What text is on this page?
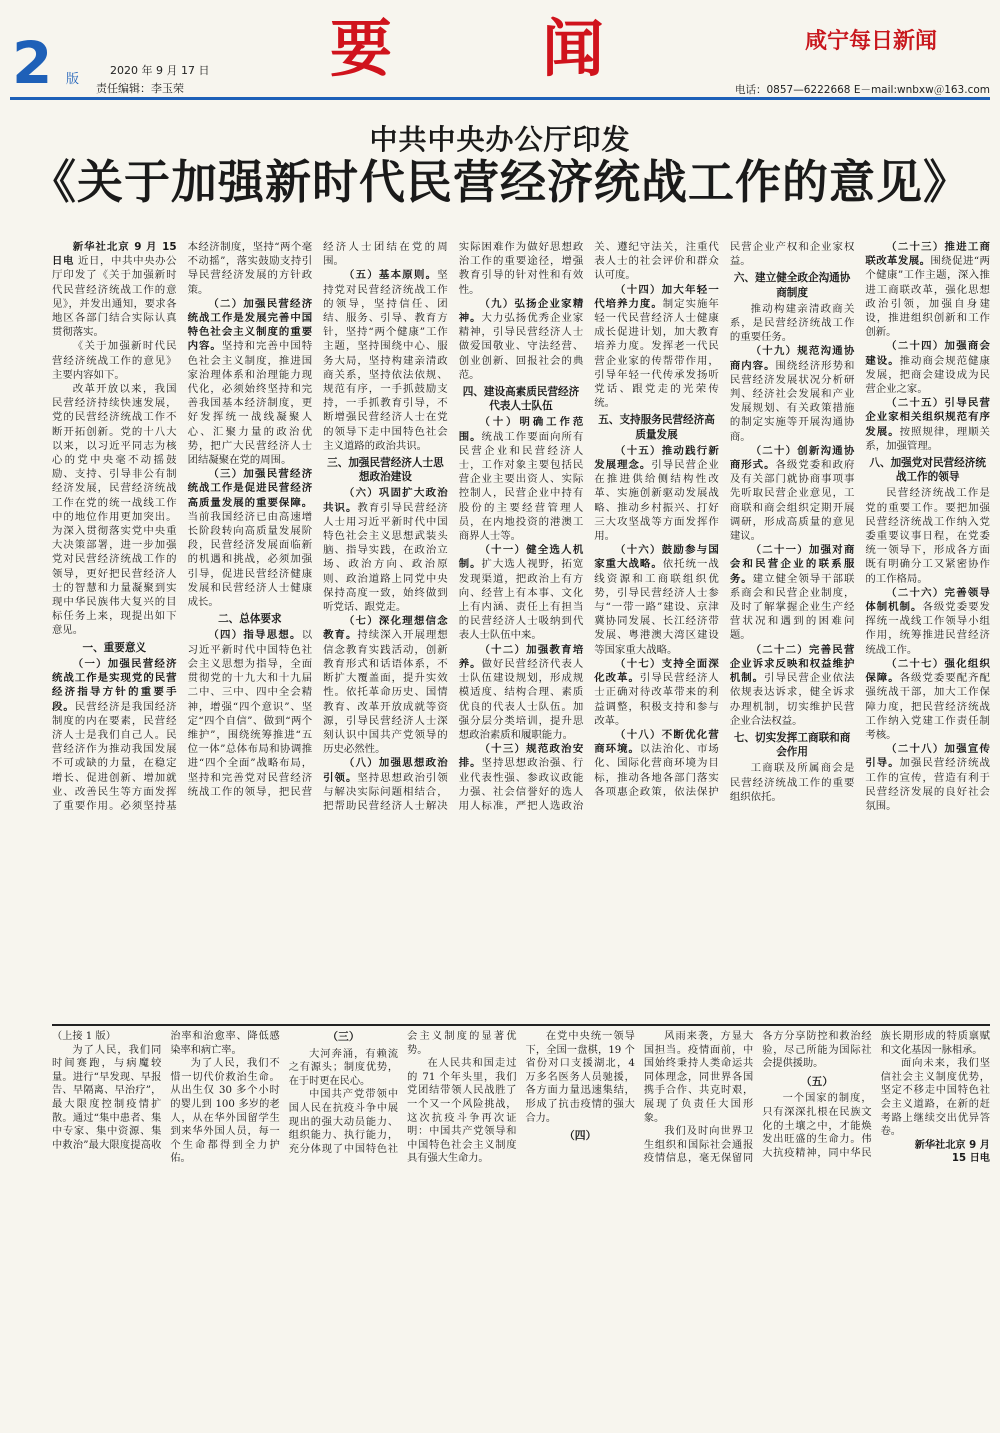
2 版
2020 年 9 月 17 日
责任编辑：李玉荣
要闻 咸宁每日新闻
电话：0857—6222668 E－mail:wnbxw＠163.com
中共中央办公厅印发
《关于加强新时代民营经济统战工作的意见》

新华社北京 9 月 15 日电 近日，中共中央办公厅印发了《关于加强新时代民营经济统战工作的意见》，并发出通知，要求各地区各部门结合实际认真贯彻落实。

《关于加强新时代民营经济统战工作的意见》主要内容如下。

改革开放以来，我国民营经济持续快速发展，党的民营经济统战工作不断开拓创新。党的十八大以来，以习近平同志为核心的党中央毫不动摇鼓励、支持、引导非公有制经济发展，民营经济统战工作在党的统一战线工作中的地位作用更加突出。为深入贯彻落实党中央重大决策部署，进一步加强党对民营经济统战工作的领导，更好把民营经济人士的智慧和力量凝聚到实现中华民族伟大复兴的目标任务上来，现提出如下意见。

一、重要意义

（一）加强民营经济统战工作是实现党的民营经济指导方针的重要手段。民营经济是我国经济制度的内在要素，民营经济人士是我们自己人。民营经济作为推动我国发展不可或缺的力量，在稳定增长、促进创新、增加就业、改善民生等方面发挥了重要作用。必须坚持基本经济制度，坚持“两个毫不动摇”，落实鼓励支持引导民营经济发展的方针政策。

（二）加强民营经济统战工作是发展完善中国特色社会主义制度的重要内容。坚持和完善中国特色社会主义制度，推进国家治理体系和治理能力现代化，必须始终坚持和完善我国基本经济制度，更好发挥统一战线凝聚人心、汇聚力量的政治优势，把广大民营经济人士团结凝聚在党的周围。

（三）加强民营经济统战工作是促进民营经济高质量发展的重要保障。当前我国经济已由高速增长阶段转向高质量发展阶段，民营经济发展面临新的机遇和挑战，必须加强引导，促进民营经济健康发展和民营经济人士健康成长。

二、总体要求

（四）指导思想。以习近平新时代中国特色社会主义思想为指导，全面贯彻党的十九大和十九届二中、三中、四中全会精神，增强“四个意识”、坚定“四个自信”、做到“两个维护”，围绕统筹推进“五位一体”总体布局和协调推进“四个全面”战略布局，坚持和完善党对民营经济统战工作的领导，把民营经济人士团结在党的周围。

（五）基本原则。坚持党对民营经济统战工作的领导，坚持信任、团结、服务、引导、教育方针，坚持“两个健康”工作主题，坚持围绕中心、服务大局，坚持构建亲清政商关系，坚持依法依规、规范有序，一手抓鼓励支持，一手抓教育引导，不断增强民营经济人士在党的领导下走中国特色社会主义道路的政治共识。

三、加强民营经济人士思想政治建设

（六）巩固扩大政治共识。教育引导民营经济人士用习近平新时代中国特色社会主义思想武装头脑、指导实践，在政治立场、政治方向、政治原则、政治道路上同党中央保持高度一致，始终做到听党话、跟党走。

（七）深化理想信念教育。持续深入开展理想信念教育实践活动，创新教育形式和话语体系，不断扩大覆盖面，提升实效性。依托革命历史、国情教育、改革开放成就等资源，引导民营经济人士深刻认识中国共产党领导的历史必然性。

（八）加强思想政治引领。坚持思想政治引领与解决实际问题相结合，把帮助民营经济人士解决实际困难作为做好思想政治工作的重要途径，增强教育引导的针对性和有效性。

（九）弘扬企业家精神。大力弘扬优秀企业家精神，引导民营经济人士做爱国敬业、守法经营、创业创新、回报社会的典范。

四、建设高素质民营经济代表人士队伍

（十）明确工作范围。统战工作要面向所有民营企业和民营经济人士，工作对象主要包括民营企业主要出资人、实际控制人，民营企业中持有股份的主要经营管理人员，在内地投资的港澳工商界人士等。

（十一）健全选人机制。扩大选人视野，拓宽发现渠道，把政治上有方向、经营上有本事、文化上有内涵、责任上有担当的民营经济人士吸纳到代表人士队伍中来。

（十二）加强教育培养。做好民营经济代表人士队伍建设规划，形成规模适度、结构合理、素质优良的代表人士队伍。加强分层分类培训，提升思想政治素质和履职能力。

（十三）规范政治安排。坚持思想政治强、行业代表性强、参政议政能力强、社会信誉好的选人用人标准，严把人选政治关、遵纪守法关，注重代表人士的社会评价和群众认可度。

（十四）加大年轻一代培养力度。制定实施年轻一代民营经济人士健康成长促进计划，加大教育培养力度。发挥老一代民营企业家的传帮带作用，引导年轻一代传承发扬听党话、跟党走的光荣传统。

五、支持服务民营经济高质量发展

（十五）推动践行新发展理念。引导民营企业在推进供给侧结构性改革、实施创新驱动发展战略、推动乡村振兴、打好三大攻坚战等方面发挥作用。

（十六）鼓励参与国家重大战略。依托统一战线资源和工商联组织优势，引导民营经济人士参与“一带一路”建设、京津冀协同发展、长江经济带发展、粤港澳大湾区建设等国家重大战略。

（十七）支持全面深化改革。引导民营经济人士正确对待改革带来的利益调整，积极支持和参与改革。

（十八）不断优化营商环境。以法治化、市场化、国际化营商环境为目标，推动各地各部门落实各项惠企政策，依法保护民营企业产权和企业家权益。

六、建立健全政企沟通协商制度

推动构建亲清政商关系，是民营经济统战工作的重要任务。

（十九）规范沟通协商内容。围绕经济形势和民营经济发展状况分析研判、经济社会发展和产业发展规划、有关政策措施的制定实施等开展沟通协商。

（二十）创新沟通协商形式。各级党委和政府及有关部门就协商事项事先听取民营企业意见，工商联和商会组织定期开展调研，形成高质量的意见建议。

（二十一）加强对商会和民营企业的联系服务。建立健全领导干部联系商会和民营企业制度，及时了解掌握企业生产经营状况和遇到的困难问题。

（二十二）完善民营企业诉求反映和权益维护机制。引导民营企业依法依规表达诉求，健全诉求办理机制，切实维护民营企业合法权益。

七、切实发挥工商联和商会作用

工商联及所属商会是民营经济统战工作的重要组织依托。

（二十三）推进工商联改革发展。围绕促进“两个健康”工作主题，深入推进工商联改革，强化思想政治引领，加强自身建设，推进组织创新和工作创新。

（二十四）加强商会建设。推动商会规范健康发展，把商会建设成为民营企业之家。

（二十五）引导民营企业家相关组织规范有序发展。按照规律，理顺关系，加强管理。

八、加强党对民营经济统战工作的领导

民营经济统战工作是党的重要工作。要把加强民营经济统战工作纳入党委重要议事日程，在党委统一领导下，形成各方面既有明确分工又紧密协作的工作格局。

（二十六）完善领导体制机制。各级党委要发挥统一战线工作领导小组作用，统筹推进民营经济统战工作。

（二十七）强化组织保障。各级党委要配齐配强统战干部，加大工作保障力度，把民营经济统战工作纳入党建工作责任制考核。

（二十八）加强宣传引导。加强民营经济统战工作的宣传，营造有利于民营经济发展的良好社会氛围。

（上接 1 版）

为了人民，我们同时间赛跑，与病魔较量。进行“早发现、早报告、早隔离、早治疗”，最大限度控制疫情扩散。通过“集中患者、集中专家、集中资源、集中救治”最大限度提高收治率和治愈率、降低感染率和病亡率。

为了人民，我们不惜一切代价救治生命。从出生仅 30 多个小时的婴儿到 100 多岁的老人，从在华外国留学生到来华外国人员，每一个生命都得到全力护佑。

（三）

大河奔涌，有赖流之有源头；制度优势，在于时更在民心。

中国共产党带领中国人民在抗疫斗争中展现出的强大动员能力、组织能力、执行能力，充分体现了中国特色社会主义制度的显著优势。

在人民共和国走过的 71 个年头里，我们党团结带领人民战胜了一个又一个风险挑战，这次抗疫斗争再次证明：中国共产党领导和中国特色社会主义制度具有强大生命力。

在党中央统一领导下，全国一盘棋，19 个省份对口支援湖北，4 万多名医务人员驰援，各方面力量迅速集结，形成了抗击疫情的强大合力。

（四）

风雨来袭，方显大国担当。疫情面前，中国始终秉持人类命运共同体理念，同世界各国携手合作、共克时艰，展现了负责任大国形象。

我们及时向世界卫生组织和国际社会通报疫情信息，毫无保留同各方分享防控和救治经验，尽己所能为国际社会提供援助。

（五）

一个国家的制度，只有深深扎根在民族文化的土壤之中，才能焕发出旺盛的生命力。伟大抗疫精神，同中华民族长期形成的特质禀赋和文化基因一脉相承。

面向未来，我们坚信社会主义制度优势，坚定不移走中国特色社会主义道路，在新的赶考路上继续交出优异答卷。

新华社北京 9 月 15 日电
